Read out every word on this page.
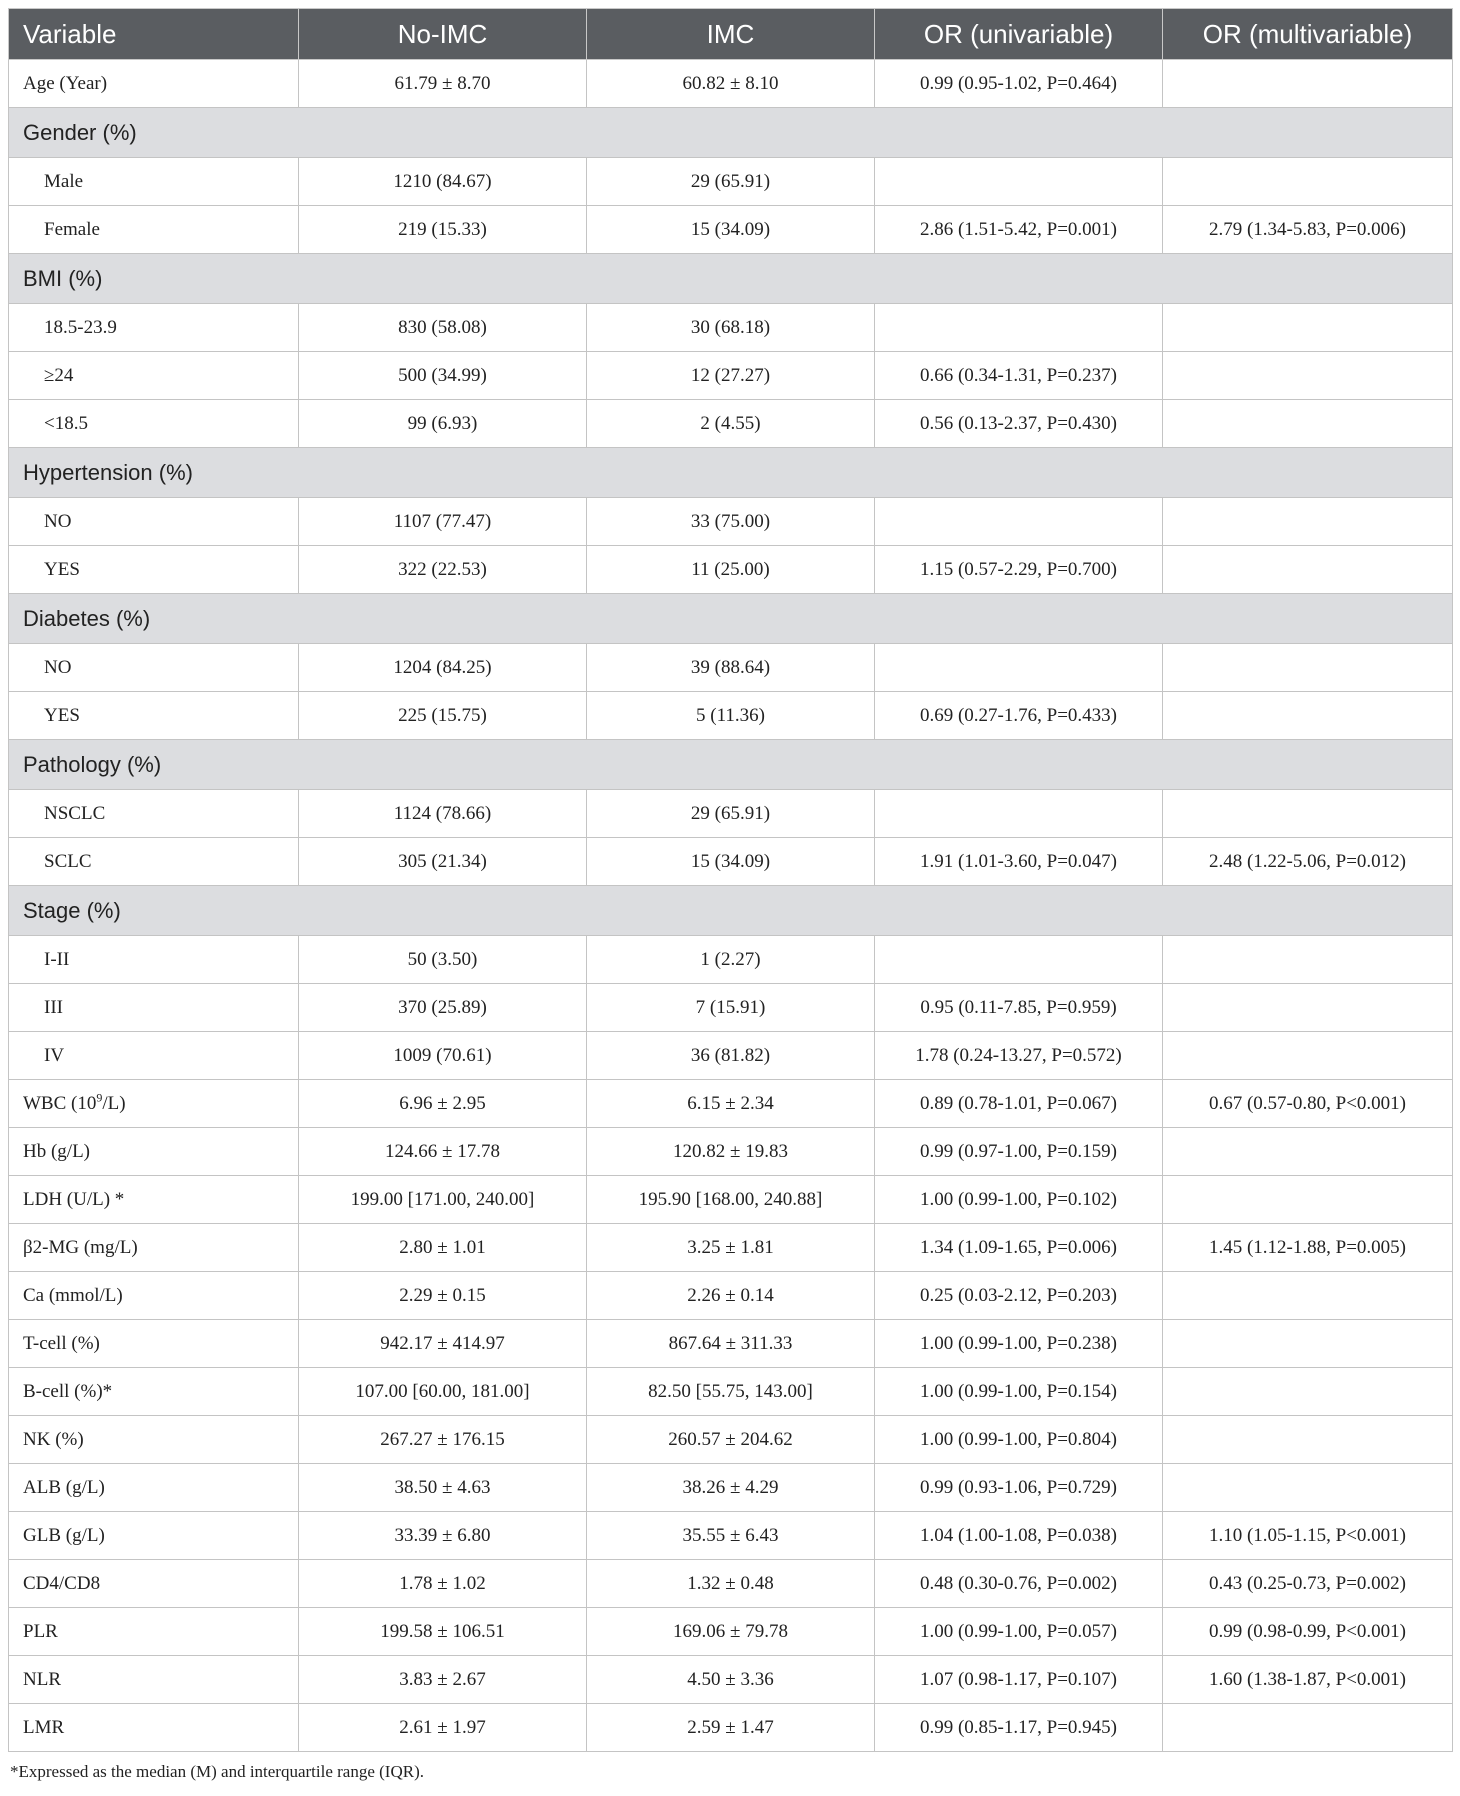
Variable	No-IMC	IMC	OR (univariable)	OR (multivariable)
Age (Year)	61.79 ± 8.70	60.82 ± 8.10	0.99 (0.95-1.02, P=0.464)	
Gender (%)				
Male	1210 (84.67)	29 (65.91)		
Female	219 (15.33)	15 (34.09)	2.86 (1.51-5.42, P=0.001)	2.79 (1.34-5.83, P=0.006)
BMI (%)				
18.5-23.9	830 (58.08)	30 (68.18)		
≥24	500 (34.99)	12 (27.27)	0.66 (0.34-1.31, P=0.237)	
<18.5	99 (6.93)	2 (4.55)	0.56 (0.13-2.37, P=0.430)	
Hypertension (%)				
NO	1107 (77.47)	33 (75.00)		
YES	322 (22.53)	11 (25.00)	1.15 (0.57-2.29, P=0.700)	
Diabetes (%)				
NO	1204 (84.25)	39 (88.64)		
YES	225 (15.75)	5 (11.36)	0.69 (0.27-1.76, P=0.433)	
Pathology (%)				
NSCLC	1124 (78.66)	29 (65.91)		
SCLC	305 (21.34)	15 (34.09)	1.91 (1.01-3.60, P=0.047)	2.48 (1.22-5.06, P=0.012)
Stage (%)				
I-II	50 (3.50)	1 (2.27)		
III	370 (25.89)	7 (15.91)	0.95 (0.11-7.85, P=0.959)	
IV	1009 (70.61)	36 (81.82)	1.78 (0.24-13.27, P=0.572)	
WBC $(10^9/L)$	6.96 ± 2.95	6.15 ± 2.34	0.89 (0.78-1.01, P=0.067)	0.67 (0.57-0.80, P<0.001)
Hb (g/L)	124.66 ± 17.78	120.82 ± 19.83	0.99 (0.97-1.00, P=0.159)	
LDH (U/L) *	199.00 [171.00, 240.00]	195.90 [168.00, 240.88]	1.00 (0.99-1.00, P=0.102)	
β2-MG (mg/L)	2.80 ± 1.01	3.25 ± 1.81	1.34 (1.09-1.65, P=0.006)	1.45 (1.12-1.88, P=0.005)
Ca (mmol/L)	2.29 ± 0.15	2.26 ± 0.14	0.25 (0.03-2.12, P=0.203)	
T-cell (%)	942.17 ± 414.97	867.64 ± 311.33	1.00 (0.99-1.00, P=0.238)	
B-cell (%)*	107.00 [60.00, 181.00]	82.50 [55.75, 143.00]	1.00 (0.99-1.00, P=0.154)	
NK (%)	267.27 ± 176.15	260.57 ± 204.62	1.00 (0.99-1.00, P=0.804)	
ALB (g/L)	38.50 ± 4.63	38.26 ± 4.29	0.99 (0.93-1.06, P=0.729)	
GLB (g/L)	33.39 ± 6.80	35.55 ± 6.43	1.04 (1.00-1.08, P=0.038)	1.10 (1.05-1.15, P<0.001)
CD4/CD8	1.78 ± 1.02	1.32 ± 0.48	0.48 (0.30-0.76, P=0.002)	0.43 (0.25-0.73, P=0.002)
PLR	199.58 ± 106.51	169.06 ± 79.78	1.00 (0.99-1.00, P=0.057)	0.99 (0.98-0.99, P<0.001)
NLR	3.83 ± 2.67	4.50 ± 3.36	1.07 (0.98-1.17, P=0.107)	1.60 (1.38-1.87, P<0.001)
LMR	2.61 ± 1.97	2.59 ± 1.47	0.99 (0.85-1.17, P=0.945)	
*Expressed as the median (M) and interquartile range (IQR).
